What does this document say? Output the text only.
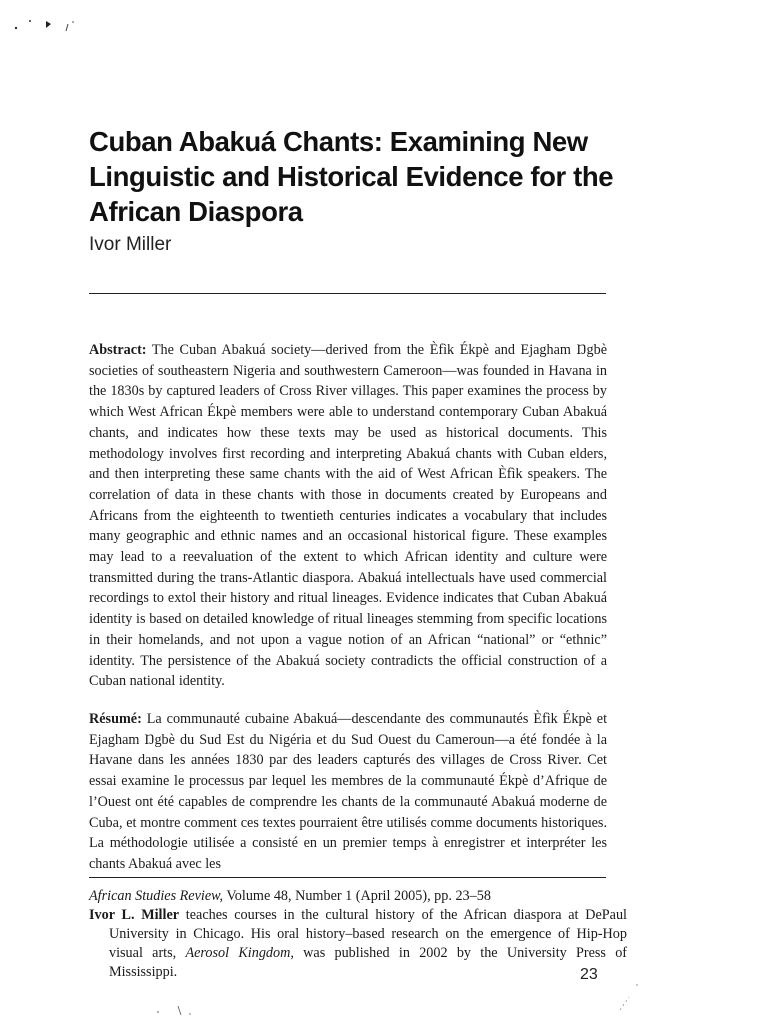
Cuban Abakuá Chants: Examining New Linguistic and Historical Evidence for the African Diaspora
Ivor Miller

Abstract: The Cuban Abakuá society—derived from the Èfìk Ékpè and Ejagham Ŋgbè societies of southeastern Nigeria and southwestern Cameroon—was founded in Havana in the 1830s by captured leaders of Cross River villages. This paper examines the process by which West African Ékpè members were able to understand contemporary Cuban Abakuá chants, and indicates how these texts may be used as historical documents. This methodology involves first recording and interpreting Abakuá chants with Cuban elders, and then interpreting these same chants with the aid of West African Èfìk speakers. The correlation of data in these chants with those in documents created by Europeans and Africans from the eighteenth to twentieth centuries indicates a vocabulary that includes many geographic and ethnic names and an occasional historical figure. These examples may lead to a reevaluation of the extent to which African identity and culture were transmitted during the trans-Atlantic diaspora. Abakuá intellectuals have used commercial recordings to extol their history and ritual lineages. Evidence indicates that Cuban Abakuá identity is based on detailed knowledge of ritual lineages stemming from specific locations in their homelands, and not upon a vague notion of an African “national” or “ethnic” identity. The persistence of the Abakuá society contradicts the official construction of a Cuban national identity.

Résumé: La communauté cubaine Abakuá—descendante des communautés Èfìk Ékpè et Ejagham Ŋgbè du Sud Est du Nigéria et du Sud Ouest du Cameroun—a été fondée à la Havane dans les années 1830 par des leaders capturés des villages de Cross River. Cet essai examine le processus par lequel les membres de la communauté Ékpè d’Afrique de l’Ouest ont été capables de comprendre les chants de la communauté Abakuá moderne de Cuba, et montre comment ces textes pourraient être utilisés comme documents historiques. La méthodologie utilisée a consisté en un premier temps à enregistrer et interpréter les chants Abakuá avec les

African Studies Review, Volume 48, Number 1 (April 2005), pp. 23–58

Ivor L. Miller teaches courses in the cultural history of the African diaspora at DePaul University in Chicago. His oral history–based research on the emergence of Hip-Hop visual arts, Aerosol Kingdom, was published in 2002 by the University Press of Mississippi.	23
